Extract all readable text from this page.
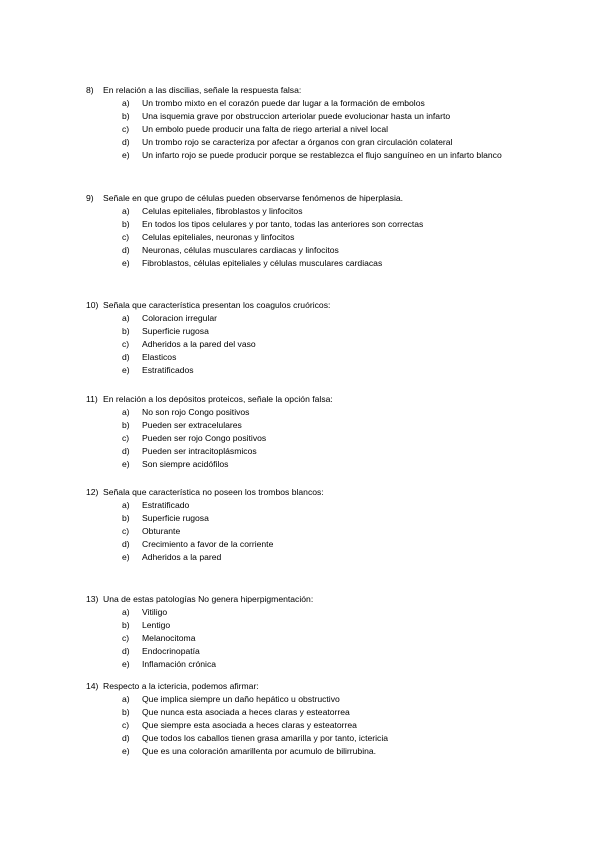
8)	En relación a las discilias, señale la respuesta falsa:
a)	Un trombo mixto en el corazón puede dar lugar a la formación de embolos
b)	Una isquemia grave por obstruccion arteriolar puede evolucionar hasta un infarto
c)	Un embolo puede producir una falta de riego arterial a nivel local
d)	Un trombo rojo se caracteriza por afectar a órganos con gran circulación colateral
e)	Un infarto rojo se puede producir porque se restablezca el flujo sanguíneo en un infarto blanco
9)	Señale en que grupo de células pueden observarse fenómenos de hiperplasia.
a)	Celulas epiteliales, fibroblastos y linfocitos
b)	En todos los tipos celulares y por tanto, todas las anteriores son correctas
c)	Celulas epiteliales, neuronas y linfocitos
d)	Neuronas, células musculares cardiacas y linfocitos
e)	Fibroblastos, células epiteliales y células musculares cardiacas
10) Señala que característica presentan los coagulos cruóricos:
a)	Coloracion irregular
b)	Superficie rugosa
c)	Adheridos a la pared del vaso
d)	Elasticos
e)	Estratificados
11) En relación a los depósitos proteicos, señale la opción falsa:
a)	No son rojo Congo positivos
b)	Pueden ser extracelulares
c)	Pueden ser rojo Congo positivos
d)	Pueden ser intracitoplásmicos
e)	Son siempre acidófilos
12) Señala que característica no poseen los trombos blancos:
a)	Estratificado
b)	Superficie rugosa
c)	Obturante
d)	Crecimiento a favor de la corriente
e)	Adheridos a la pared
13) Una de estas patologías No genera hiperpigmentación:
a)	Vitiligo
b)	Lentigo
c)	Melanocitoma
d)	Endocrinopatía
e)	Inflamación crónica
14) Respecto a la ictericia, podemos afirmar:
a)	Que implica siempre un daño hepático u obstructivo
b)	Que nunca esta asociada a heces claras y esteatorrea
c)	Que siempre esta asociada a heces claras y esteatorrea
d)	Que todos los caballos tienen grasa amarilla y por tanto, ictericia
e)	Que es una coloración amarillenta por acumulo de bilirrubina.
